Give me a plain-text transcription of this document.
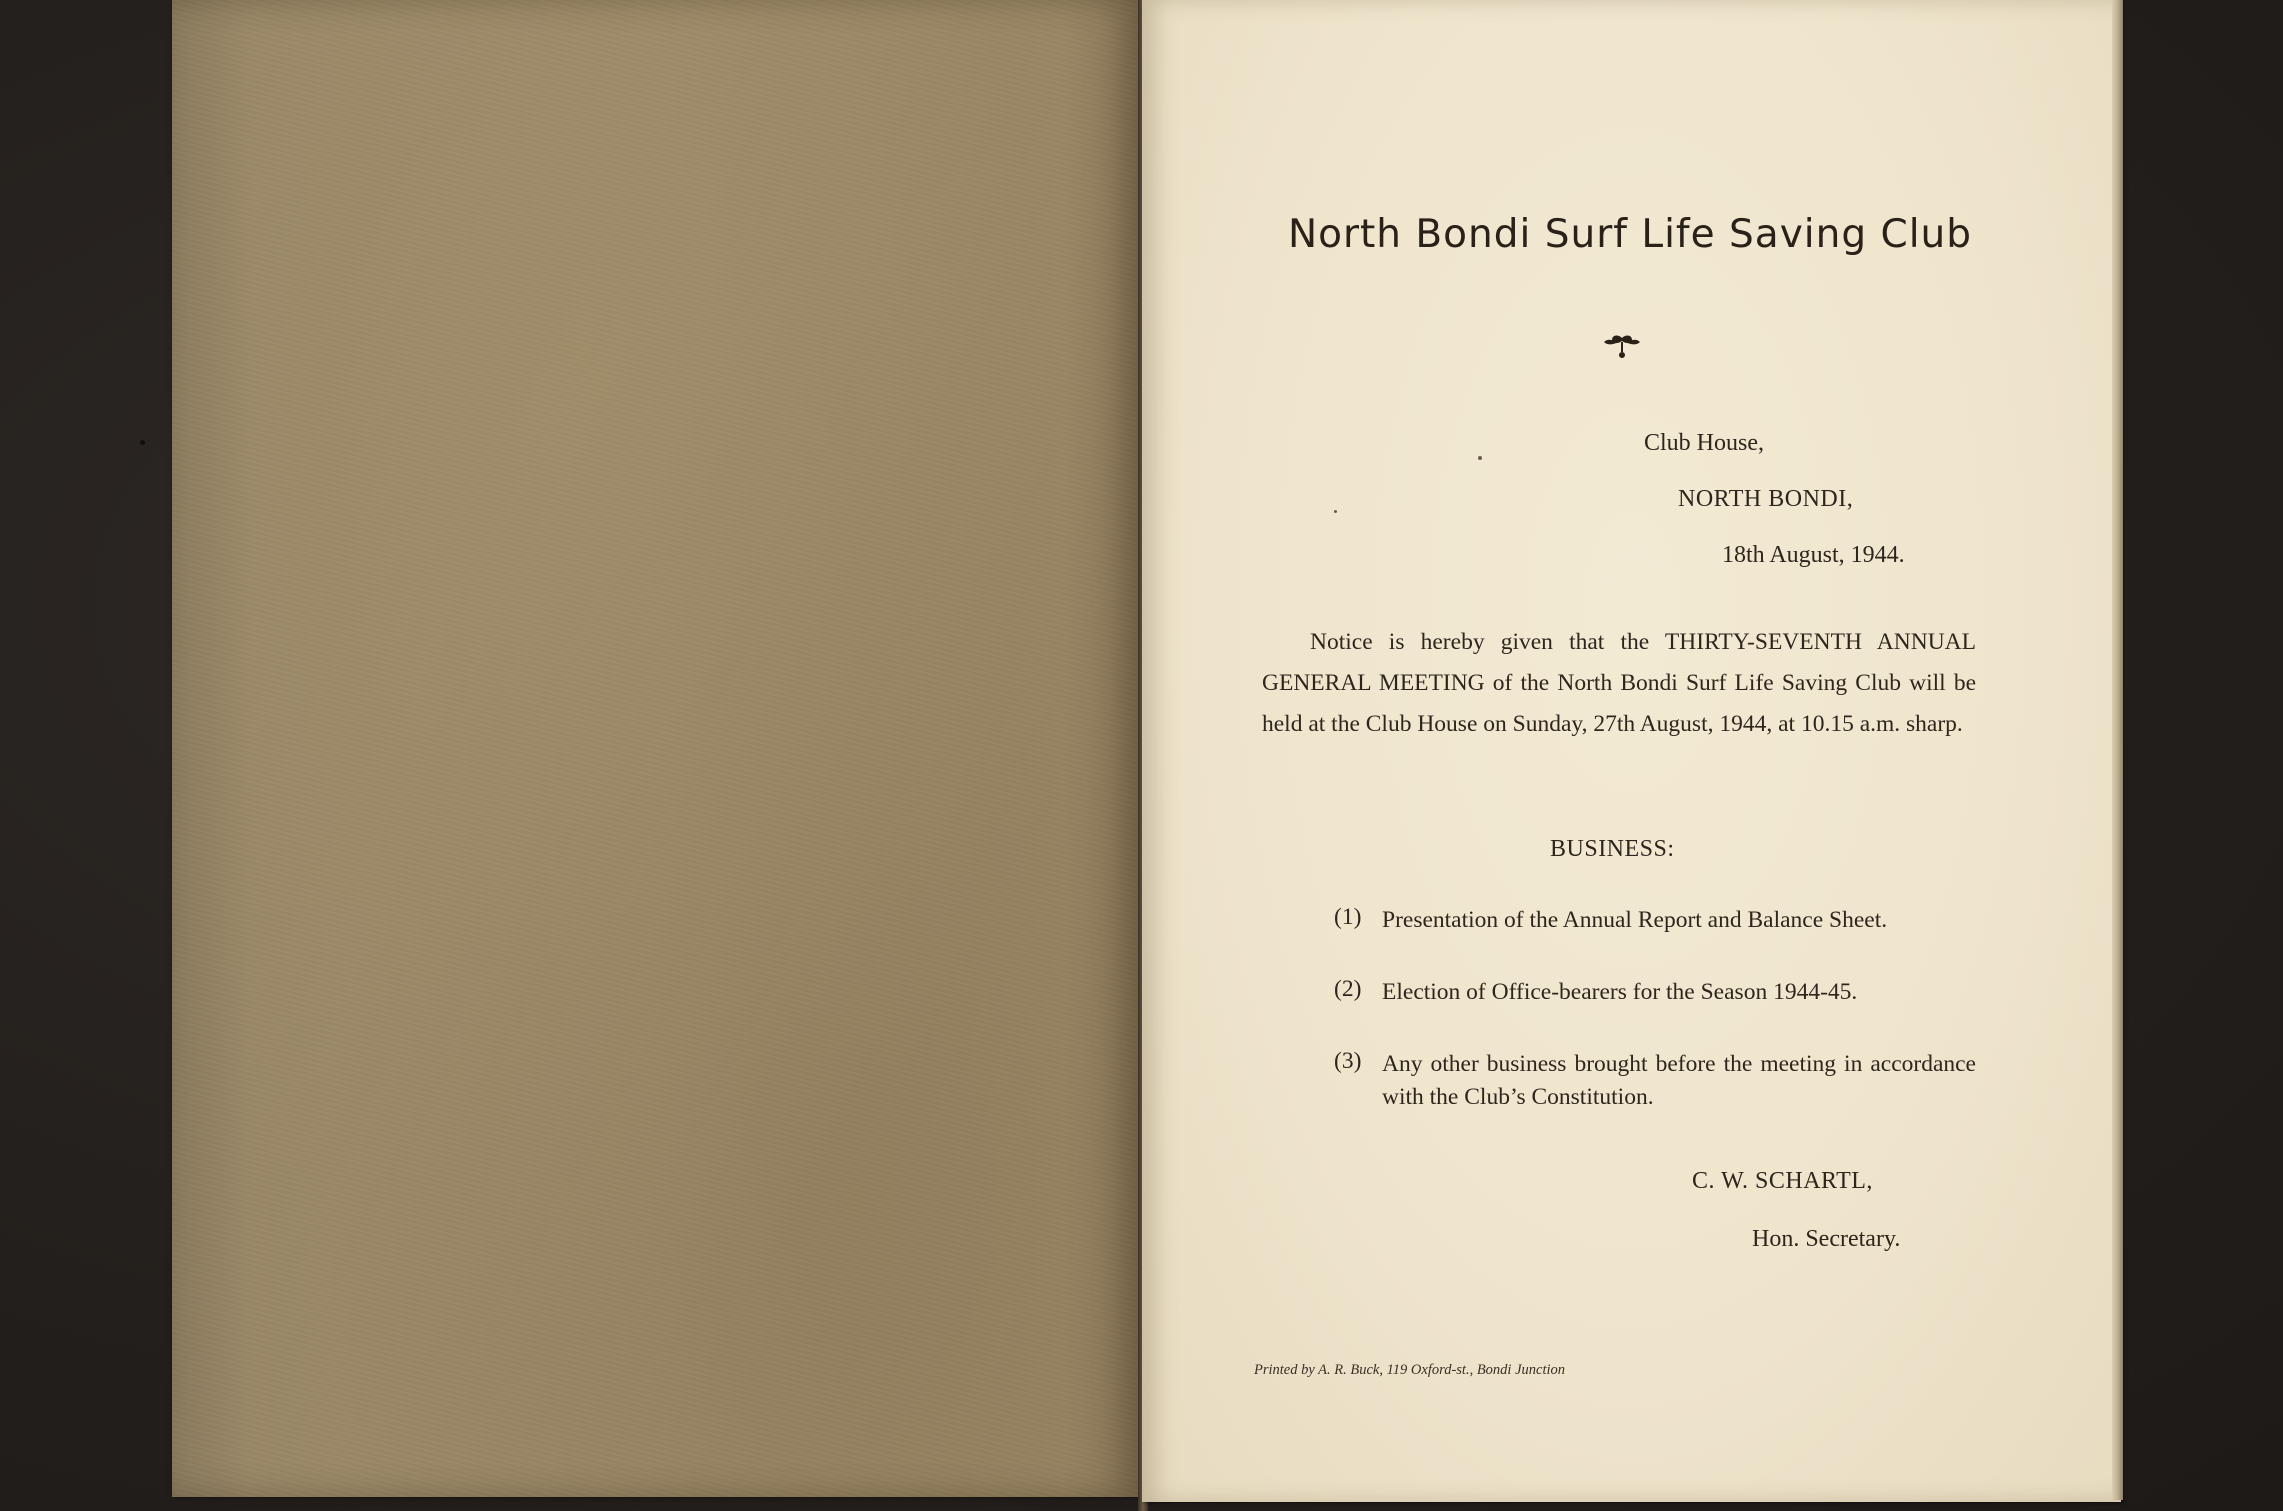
North Bondi Surf Life Saving Club
Club House,
NORTH BONDI,
18th August, 1944.
Notice is hereby given that the THIRTY-SEVENTH ANNUAL GENERAL MEETING of the North Bondi Surf Life Saving Club will be held at the Club House on Sunday, 27th August, 1944, at 10.15 a.m. sharp.
BUSINESS:
(1) Presentation of the Annual Report and Balance Sheet.
(2) Election of Office-bearers for the Season 1944-45.
(3) Any other business brought before the meeting in accordance with the Club’s Constitution.
C. W. SCHARTL,
Hon. Secretary.
Printed by A. R. Buck, 119 Oxford-st., Bondi Junction
